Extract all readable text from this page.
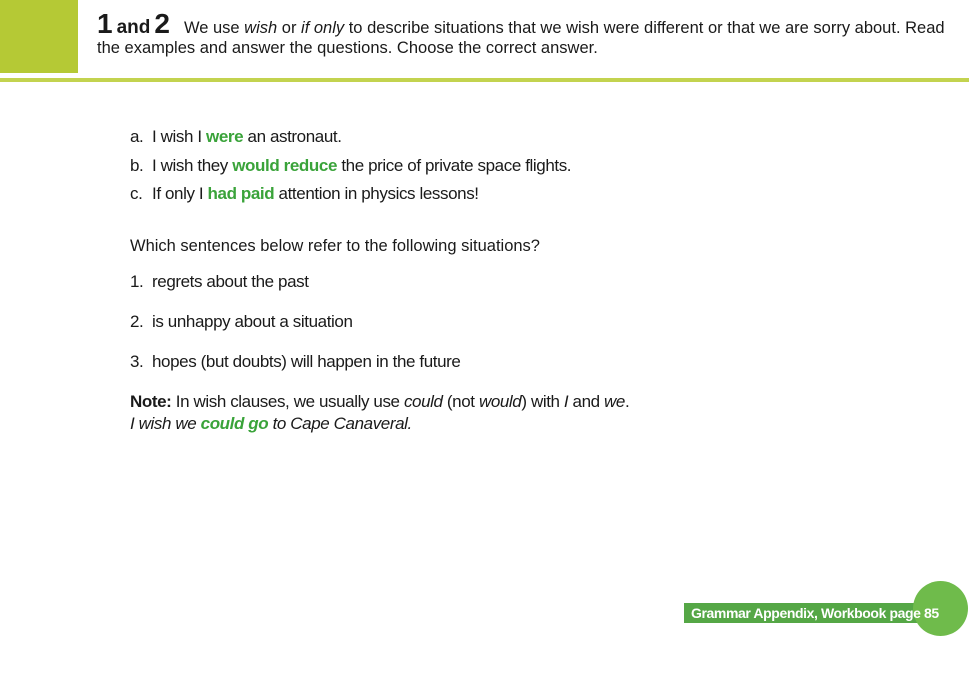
1 and 2 We use wish or if only to describe situations that we wish were different or that we are sorry about. Read the examples and answer the questions. Choose the correct answer.
a. I wish I were an astronaut.
b. I wish they would reduce the price of private space flights.
c. If only I had paid attention in physics lessons!
Which sentences below refer to the following situations?
1. regrets about the past
2. is unhappy about a situation
3. hopes (but doubts) will happen in the future
Note: In wish clauses, we usually use could (not would) with I and we.
I wish we could go to Cape Canaveral.
Grammar Appendix, Workbook page 85
